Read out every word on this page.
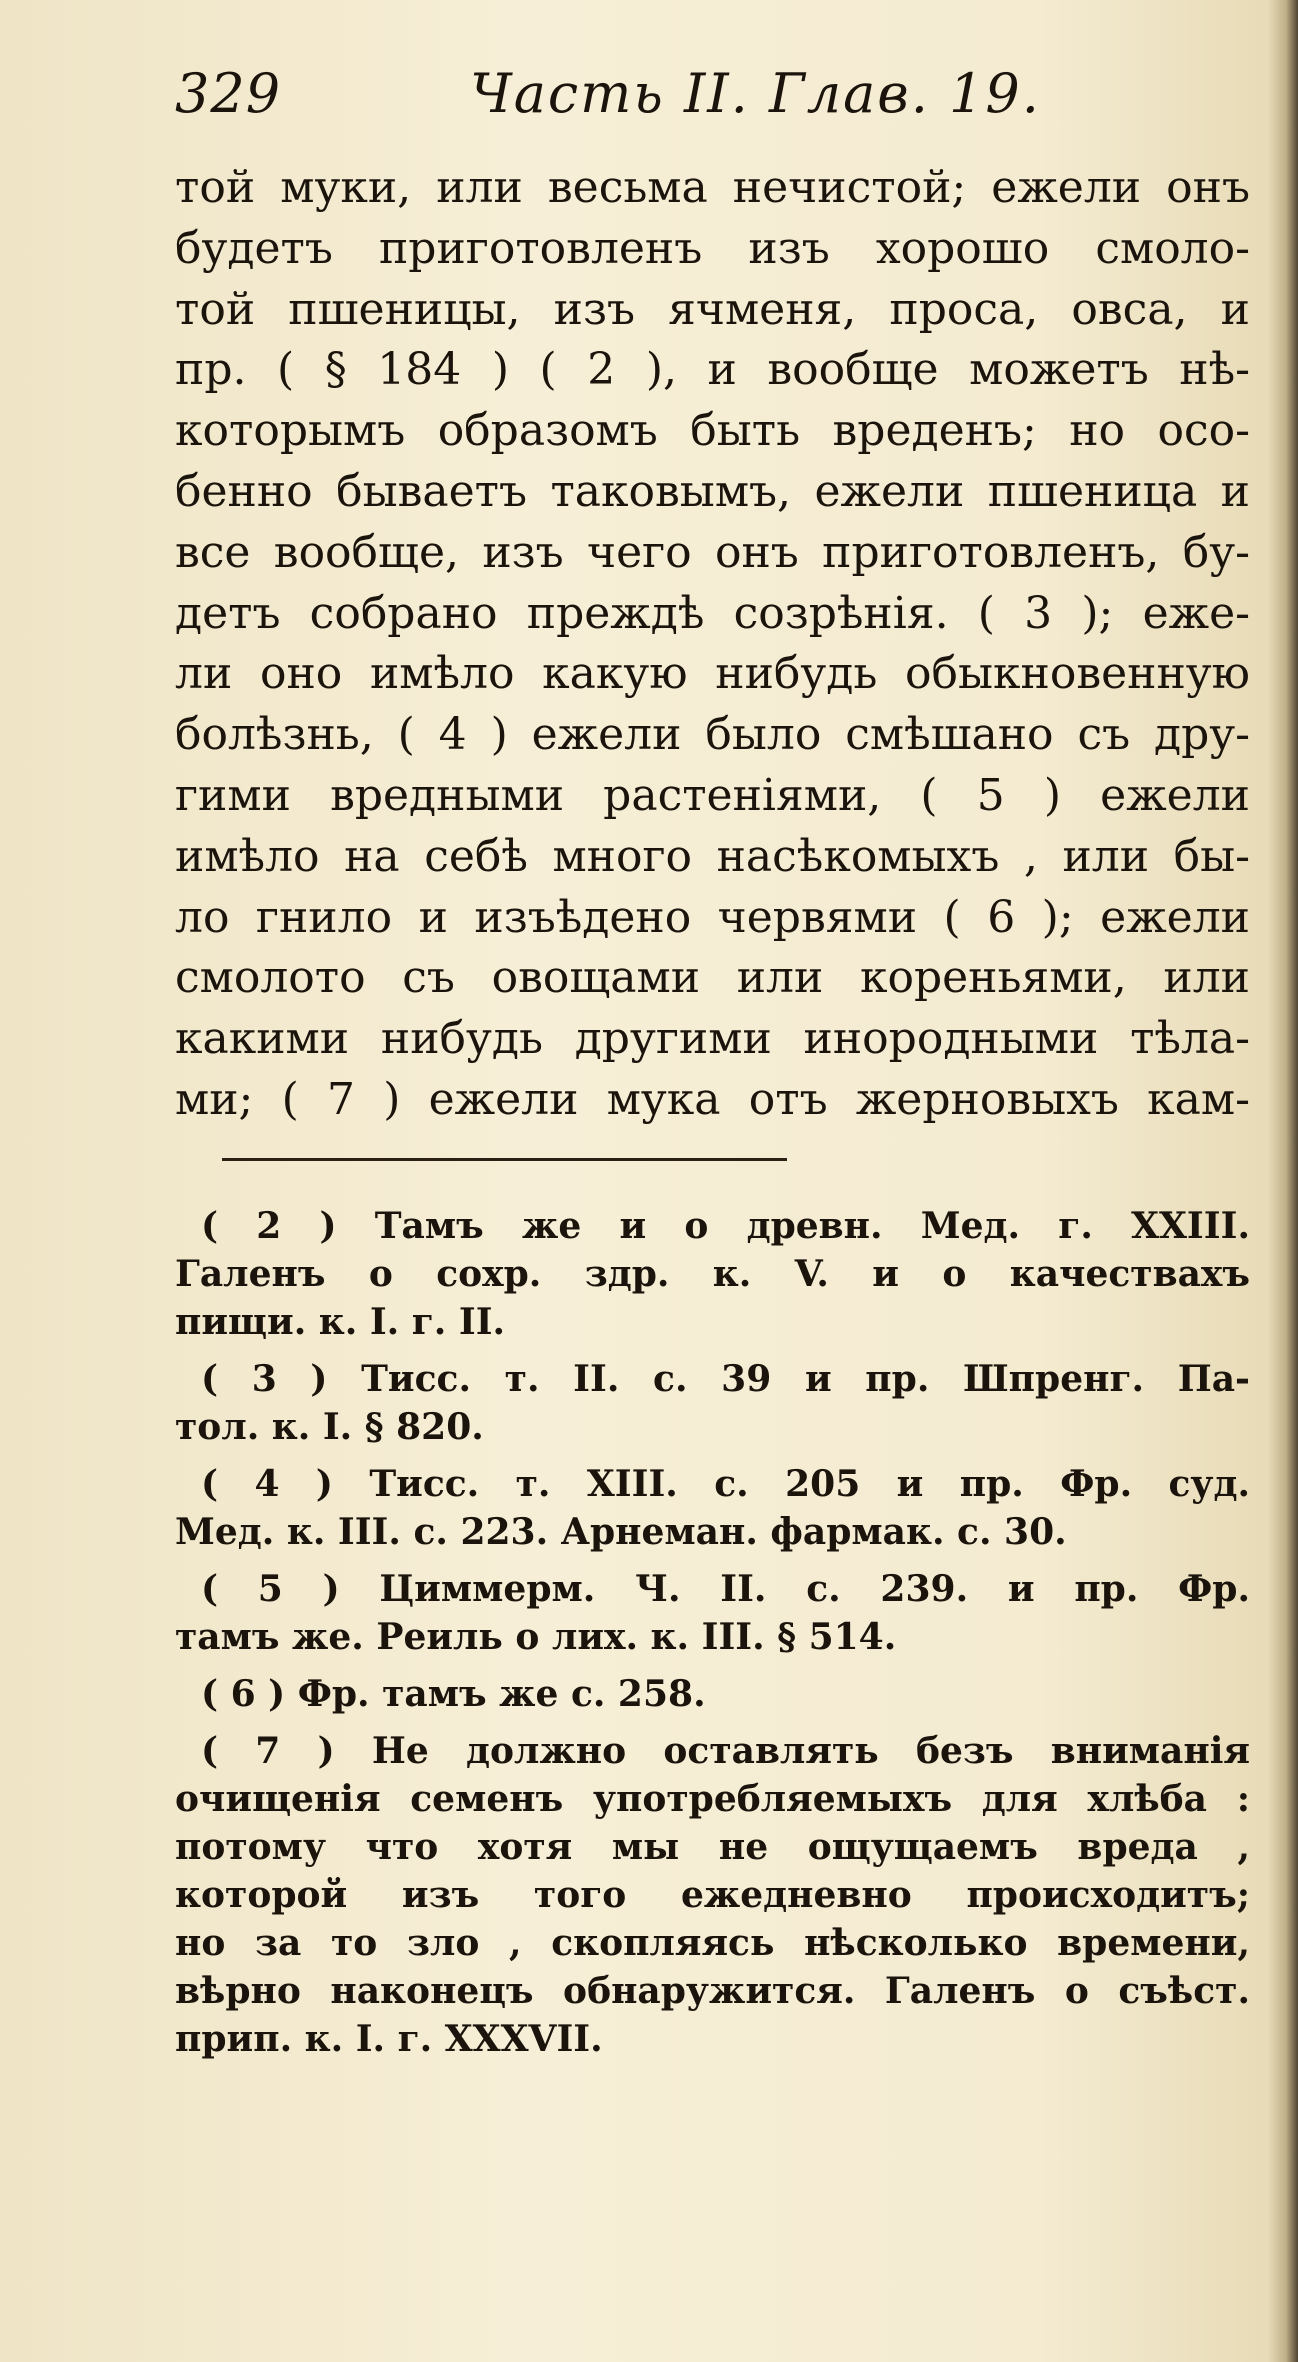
329	Часть II. Глав. 19.
той муки, или весьма нечистой; ежели онъ
будетъ приготовленъ изъ хорошо смоло-
той пшеницы, изъ ячменя, проса, овса, и
пр. ( § 184 ) ( 2 ), и вообще можетъ нѣ-
которымъ образомъ быть вреденъ; но осо-
бенно бываетъ таковымъ, ежели пшеница и
все вообще, изъ чего онъ приготовленъ, бу-
детъ собрано преждѣ созрѣнія. ( 3 ); еже-
ли оно имѣло какую нибудь обыкновенную
болѣзнь, ( 4 ) ежели было смѣшано съ дру-
гими вредными растеніями, ( 5 ) ежели
имѣло на себѣ много насѣкомыхъ , или бы-
ло гнило и изъѣдено червями ( 6 ); ежели
смолото съ овощами или кореньями, или
какими нибудь другими инородными тѣла-
ми; ( 7 ) ежели мука отъ жерновыхъ кам-
( 2 ) Тамъ же и о древн. Мед. г. XXIII.
Галенъ о сохр. здр. к. V. и о качествахъ
пищи. к. I. г. II.
( 3 ) Тисс. т. II. с. 39 и пр. Шпренг. Па-
тол. к. I. § 820.
( 4 ) Тисс. т. XIII. с. 205 и пр. Фр. суд.
Мед. к. III. с. 223. Арнеман. фармак. с. 30.
( 5 ) Циммерм. Ч. II. с. 239. и пр. Фр.
тамъ же. Реиль о лих. к. III. § 514.
( 6 ) Фр. тамъ же с. 258.
( 7 ) Не должно оставлять безъ вниманія
очищенія семенъ употребляемыхъ для хлѣба :
потому что хотя мы не ощущаемъ вреда ,
которой изъ того ежедневно происходитъ;
но за то зло , скопляясь нѣсколько времени,
вѣрно наконецъ обнаружится. Галенъ о съѣст.
прип. к. I. г. XXXVII.
